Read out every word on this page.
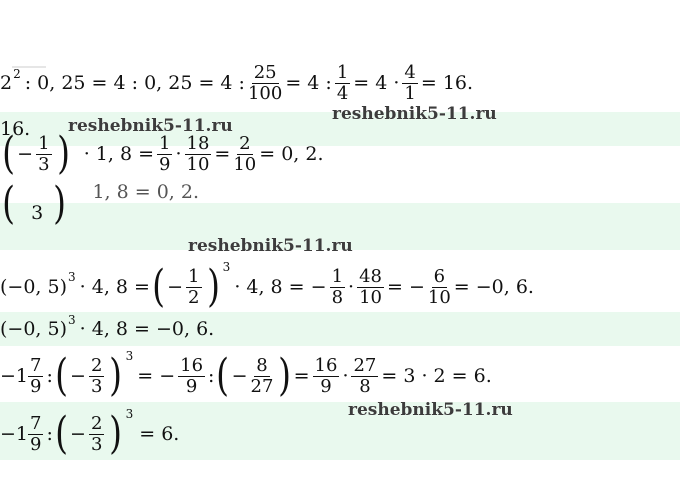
2 2 : 0, 25 = 4 : 0, 25 = 4 : $\frac{25}{100} = 4$ : $\frac{1}{4} = 4 \cdot \frac{4}{1} = 16$.
16.
( − $\frac{1}{3}$ ) · 1, $8 = \frac{1}{9} \cdot \frac{18}{10} = \frac{2}{10} = 0$, 2.
( 3 ) 1, 8 = 0, 2.
(−0, 5) 3 · 4, 8 = ( − $\frac{1}{2}$ ) 3
· 4, 8 = − $\frac{1}{8} \cdot \frac{48}{10}$ = − $\frac{6}{10} = -0$, 6.
(−0, 5) 3 · 4, 8 = −0, 6.
$-1 \frac{7}{9}$ : ( − $\frac{2}{3}$ ) 3
= − $\frac{16}{9}$ : ( − $\frac{8}{27}$ ) = $\frac{16}{9} \cdot \frac{27}{8} = 3 \cdot 2 = 6$.
$-1 \frac{7}{9}$ : ( − $\frac{2}{3}$ ) 3
= 6.
reshebnik5-11.ru
reshebnik5-11.ru
reshebnik5-11.ru
reshebnik5-11.ru
